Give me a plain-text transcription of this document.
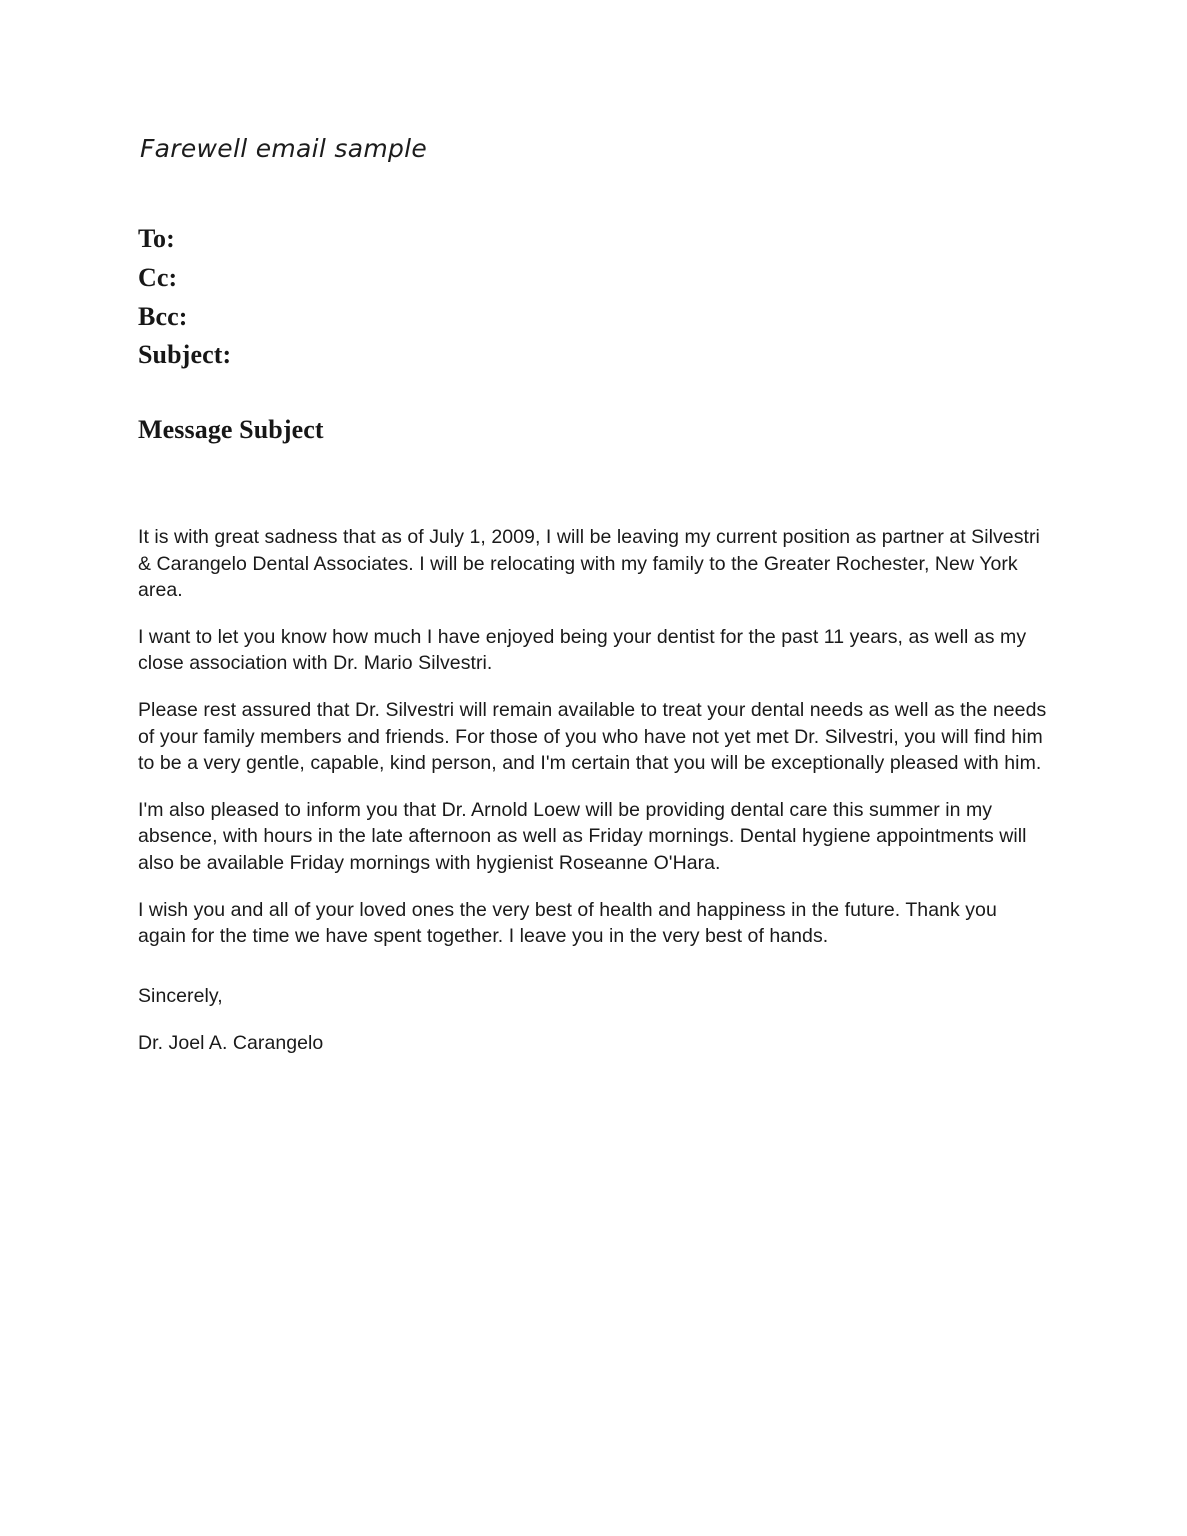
Farewell email sample
To:
Cc:
Bcc:
Subject:
Message Subject

It is with great sadness that as of July 1, 2009, I will be leaving my current position as partner at Silvestri & Carangelo Dental Associates. I will be relocating with my family to the Greater Rochester, New York area.

I want to let you know how much I have enjoyed being your dentist for the past 11 years, as well as my close association with Dr. Mario Silvestri.

Please rest assured that Dr. Silvestri will remain available to treat your dental needs as well as the needs of your family members and friends. For those of you who have not yet met Dr. Silvestri, you will find him to be a very gentle, capable, kind person, and I'm certain that you will be exceptionally pleased with him.

I'm also pleased to inform you that Dr. Arnold Loew will be providing dental care this summer in my absence, with hours in the late afternoon as well as Friday mornings. Dental hygiene appointments will also be available Friday mornings with hygienist Roseanne O'Hara.

I wish you and all of your loved ones the very best of health and happiness in the future. Thank you again for the time we have spent together. I leave you in the very best of hands.

Sincerely,

Dr. Joel A. Carangelo
